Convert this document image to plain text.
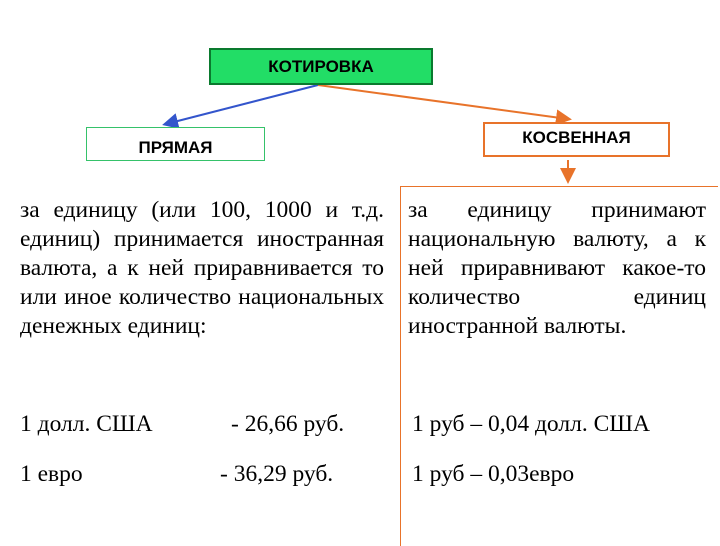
КОТИРОВКА
ПРЯМАЯ
КОСВЕННАЯ
за единицу (или 100, 1000 и т.д. единиц) принимается иностранная валюта, а к ней приравнивается то или иное количество национальных денежных единиц:
за единицу принимают национальную валюту, а к ней приравнивают какое-то количество единиц иностранной валюты.
1 долл. США	- 26,66 руб.
1 евро	- 36,29 руб.
1 руб – 0,04 долл. США
1 руб – 0,03евро
